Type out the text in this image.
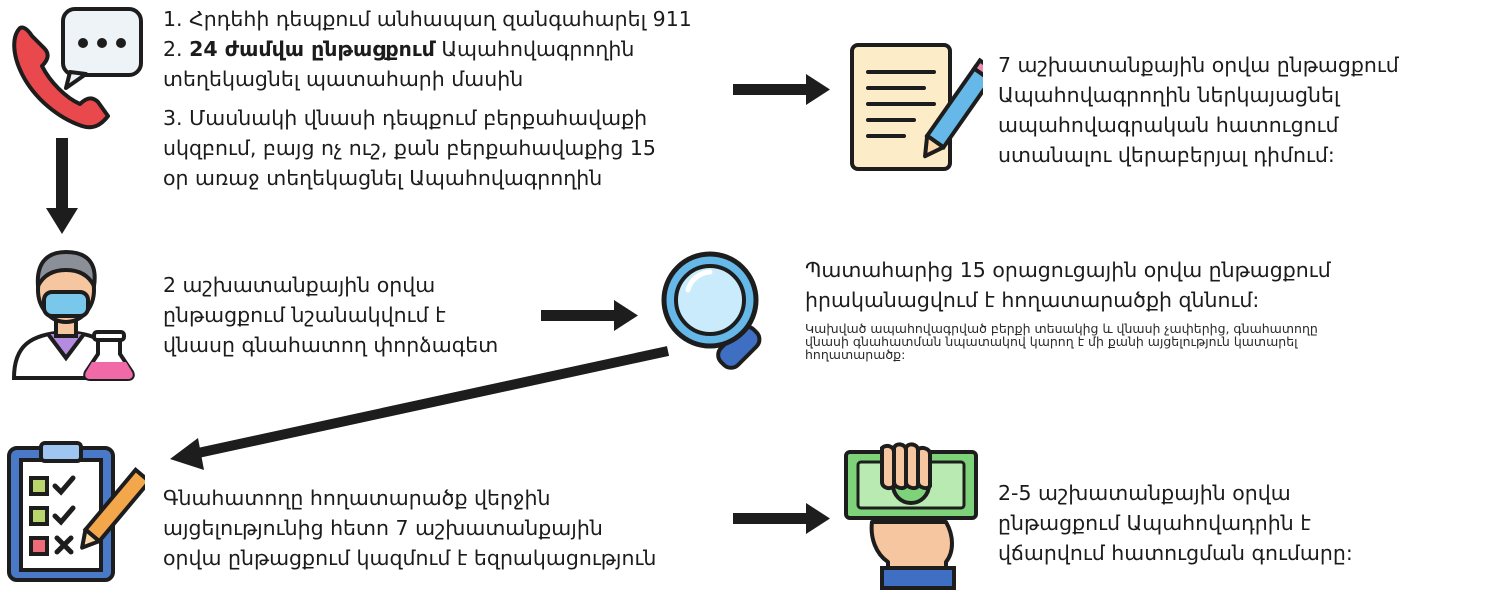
1. Հրդեհի դեպքում անհապաղ զանգահարել 911
2. 24 ժամվա ընթացքում Ապահովագրողին
տեղեկացնել պատահարի մասին
3. Մասնակի վնասի դեպքում բերքահավաքի
սկզբում, բայց ոչ ուշ, քան բերքահավաքից 15
օր առաջ տեղեկացնել Ապահովագրողին
7 աշխատանքային օրվա ընթացքում
Ապահովագրողին ներկայացնել
ապահովագրական հատուցում
ստանալու վերաբերյալ դիմում:
2 աշխատանքային օրվա
ընթացքում նշանակվում է
վնասը գնահատող փորձագետ
Պատահարից 15 օրացուցային օրվա ընթացքում
իրականացվում է հողատարածքի զննում:
Կախված ապահովագրված բերքի տեսակից և վնասի չափերից, գնահատողը
վնասի գնահատման նպատակով կարող է մի քանի այցելություն կատարել
հողատարածք:
Գնահատողը հողատարածք վերջին
այցելությունից հետո 7 աշխատանքային
օրվա ընթացքում կազմում է եզրակացություն
2-5 աշխատանքային օրվա
ընթացքում Ապահովադրին է
վճարվում հատուցման գումարը:
